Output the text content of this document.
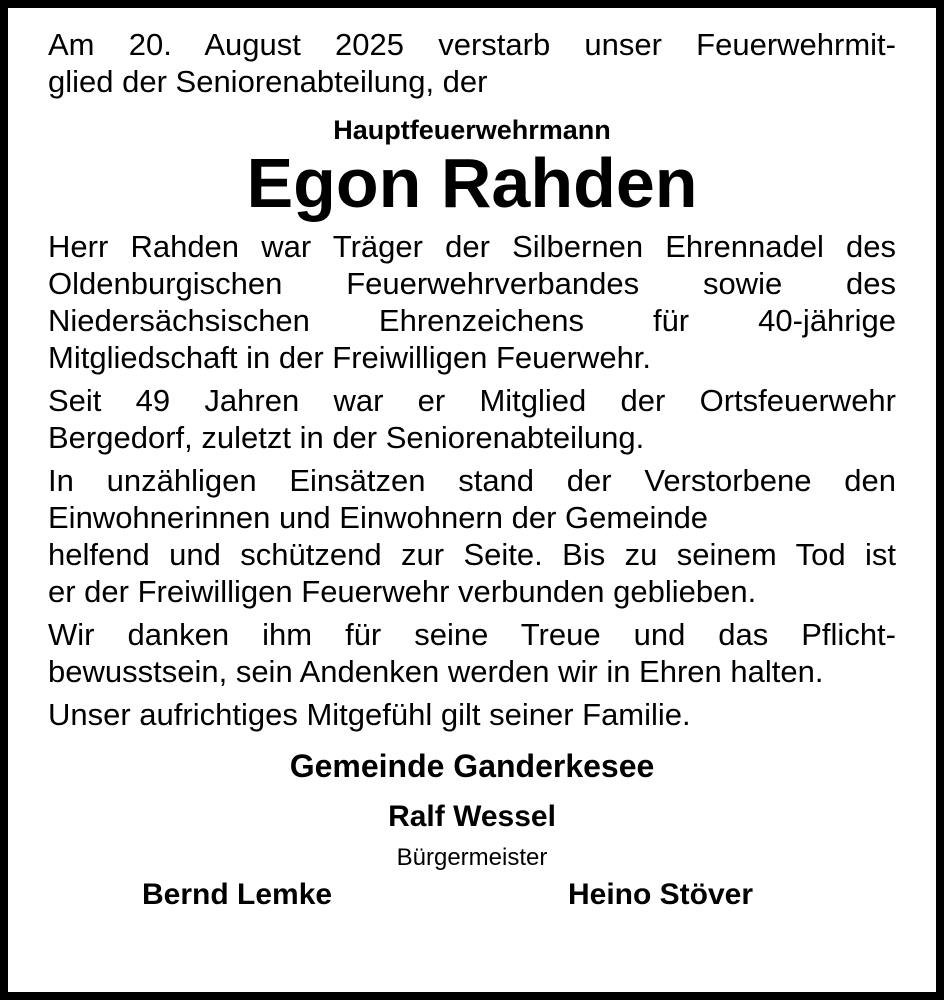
Am 20. August 2025 verstarb unser Feuerwehrmit-
glied der Seniorenabteilung, der
Hauptfeuerwehrmann
Egon Rahden
Herr Rahden war Träger der Silbernen Ehrennadel des
Oldenburgischen Feuerwehrverbandes sowie des
Niedersächsischen Ehrenzeichens für 40-jährige
Mitgliedschaft in der Freiwilligen Feuerwehr.
Seit 49 Jahren war er Mitglied der Ortsfeuerwehr
Bergedorf, zuletzt in der Seniorenabteilung.
In unzähligen Einsätzen stand der Verstorbene den
Einwohnerinnen und Einwohnern der Gemeinde
helfend und schützend zur Seite. Bis zu seinem Tod ist
er der Freiwilligen Feuerwehr verbunden geblieben.
Wir danken ihm für seine Treue und das Pflicht-
bewusstsein, sein Andenken werden wir in Ehren halten.
Unser aufrichtiges Mitgefühl gilt seiner Familie.
Gemeinde Ganderkesee
Ralf Wessel
Bürgermeister
Bernd Lemke	Heino Stöver
